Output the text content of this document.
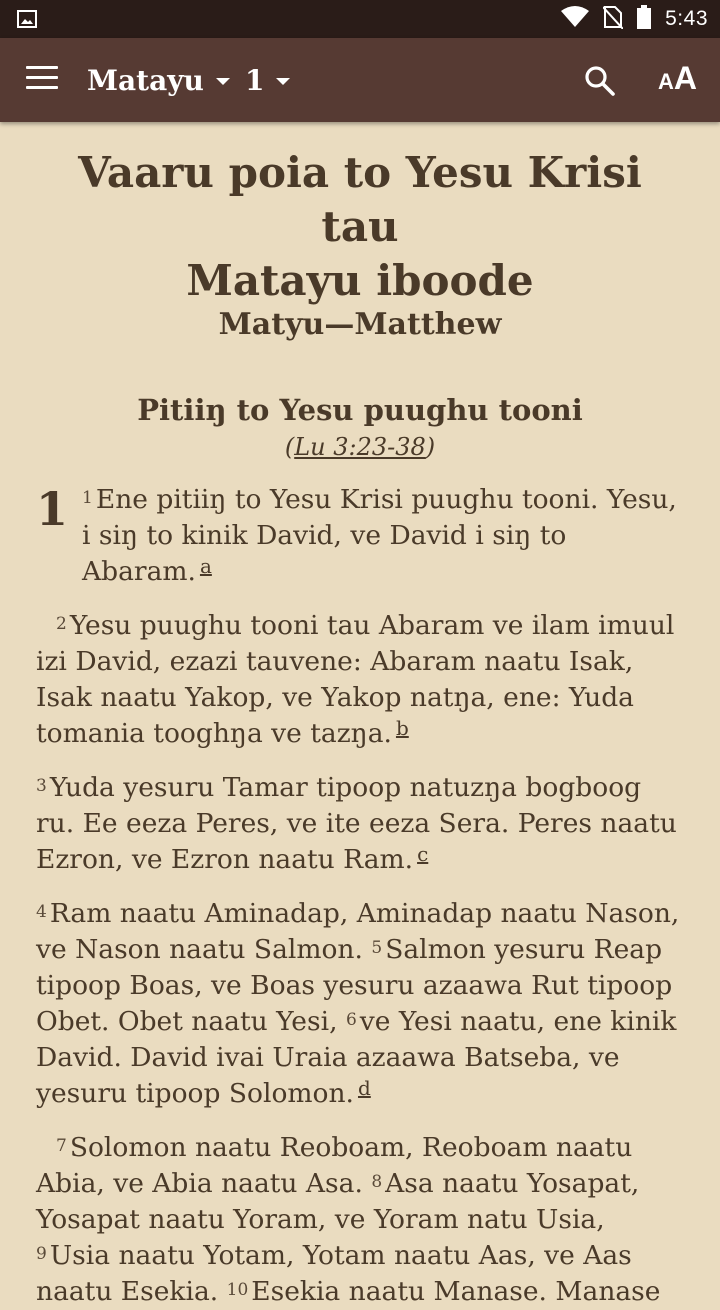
5:43
Matayu 1	AA
Vaaru poia to Yesu Krisi tau
Matayu iboode
Matyu—Matthew
Pitiiŋ to Yesu puughu tooni
(Lu 3:23-38)
1 $^1$ Ene pitiiŋ to Yesu Krisi puughu tooni. Yesu, i siŋ to kinik David, ve David i siŋ to Abaram. $^a$
$^2$ Yesu puughu tooni tau Abaram ve ilam imuul izi David, ezazi tauvene: Abaram naatu Isak, Isak naatu Yakop, ve Yakop natŋa, ene: Yuda tomania tooghŋa ve tazŋa. $^b$
$^3$ Yuda yesuru Tamar tipoop natuzŋa bogboog ru. Ee eeza Peres, ve ite eeza Sera. Peres naatu Ezron, ve Ezron naatu Ram. $^c$
$^4$ Ram naatu Aminadap, Aminadap naatu Nason, ve Nason naatu Salmon. $^5$ Salmon yesuru Reap tipoop Boas, ve Boas yesuru azaawa Rut tipoop Obet. Obet naatu Yesi, $^6$ ve Yesi naatu, ene kinik David. David ivai Uraia azaawa Batseba, ve yesuru tipoop Solomon. $^d$
$^7$ Solomon naatu Reoboam, Reoboam naatu Abia, ve Abia naatu Asa. $^8$ Asa naatu Yosapat, Yosapat naatu Yoram, ve Yoram natu Usia, $^9$ Usia naatu Yotam, Yotam naatu Aas, ve Aas naatu Esekia. $^{10}$ Esekia naatu Manase. Manase
